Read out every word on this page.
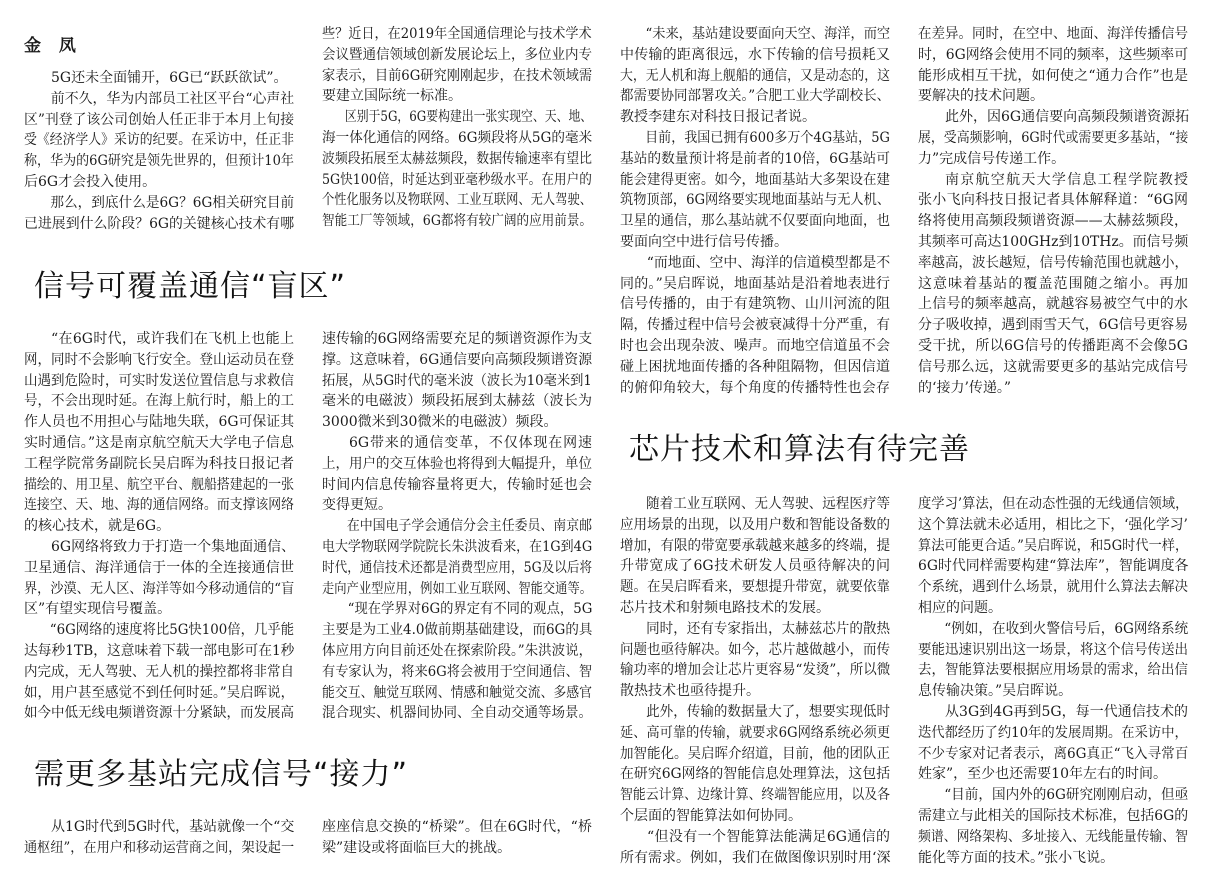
金 凤
信号可覆盖通信“盲区”
需更多基站完成信号“接力”
芯片技术和算法有待完善
5G还未全面铺开，6G已“跃跃欲试”。
前不久，华为内部员工社区平台“心声社
区”刊登了该公司创始人任正非于本月上旬接
受《经济学人》采访的纪要。在采访中，任正非
称，华为的6G研究是领先世界的，但预计10年
后6G才会投入使用。
那么，到底什么是6G？6G相关研究目前
已进展到什么阶段？6G的关键核心技术有哪
些？近日，在2019年全国通信理论与技术学术
会议暨通信领域创新发展论坛上，多位业内专
家表示，目前6G研究刚刚起步，在技术领域需
要建立国际统一标准。
区别于5G，6G要构建出一张实现空、天、地、
海一体化通信的网络。6G频段将从5G的毫米
波频段拓展至太赫兹频段，数据传输速率有望比
5G快100倍，时延达到亚毫秒级水平。在用户的
个性化服务以及物联网、工业互联网、无人驾驶、
智能工厂等领域，6G都将有较广阔的应用前景。
“在6G时代，或许我们在飞机上也能上
网，同时不会影响飞行安全。登山运动员在登
山遇到危险时，可实时发送位置信息与求救信
号，不会出现时延。在海上航行时，船上的工
作人员也不用担心与陆地失联，6G可保证其
实时通信。”这是南京航空航天大学电子信息
工程学院常务副院长吴启晖为科技日报记者
描绘的、用卫星、航空平台、舰船搭建起的一张
连接空、天、地、海的通信网络。而支撑该网络
的核心技术，就是6G。
6G网络将致力于打造一个集地面通信、
卫星通信、海洋通信于一体的全连接通信世
界，沙漠、无人区、海洋等如今移动通信的“盲
区”有望实现信号覆盖。
“6G网络的速度将比5G快100倍，几乎能
达每秒1TB，这意味着下载一部电影可在1秒
内完成，无人驾驶、无人机的操控都将非常自
如，用户甚至感觉不到任何时延。”吴启晖说，
如今中低无线电频谱资源十分紧缺，而发展高
速传输的6G网络需要充足的频谱资源作为支
撑。这意味着，6G通信要向高频段频谱资源
拓展，从5G时代的毫米波（波长为10毫米到1
毫米的电磁波）频段拓展到太赫兹（波长为
3000微米到30微米的电磁波）频段。
6G带来的通信变革，不仅体现在网速
上，用户的交互体验也将得到大幅提升，单位
时间内信息传输容量将更大，传输时延也会
变得更短。
在中国电子学会通信分会主任委员、南京邮
电大学物联网学院院长朱洪波看来，在1G到4G
时代，通信技术还都是消费型应用，5G及以后将
走向产业型应用，例如工业互联网、智能交通等。
“现在学界对6G的界定有不同的观点，5G
主要是为工业4.0做前期基础建设，而6G的具
体应用方向目前还处在探索阶段。”朱洪波说，
有专家认为，将来6G将会被用于空间通信、智
能交互、触觉互联网、情感和触觉交流、多感官
混合现实、机器间协同、全自动交通等场景。
从1G时代到5G时代，基站就像一个“交
通枢纽”，在用户和移动运营商之间，架设起一
座座信息交换的“桥梁”。但在6G时代，“桥
梁”建设或将面临巨大的挑战。
“未来，基站建设要面向天空、海洋，而空
中传输的距离很远，水下传输的信号损耗又
大，无人机和海上舰船的通信，又是动态的，这
都需要协同部署攻关。”合肥工业大学副校长、
教授李建东对科技日报记者说。
目前，我国已拥有600多万个4G基站，5G
基站的数量预计将是前者的10倍，6G基站可
能会建得更密。如今，地面基站大多架设在建
筑物顶部，6G网络要实现地面基站与无人机、
卫星的通信，那么基站就不仅要面向地面，也
要面向空中进行信号传播。
“而地面、空中、海洋的信道模型都是不
同的。”吴启晖说，地面基站是沿着地表进行
信号传播的，由于有建筑物、山川河流的阻
隔，传播过程中信号会被衰减得十分严重，有
时也会出现杂波、噪声。而地空信道虽不会
碰上困扰地面传播的各种阻隔物，但因信道
的俯仰角较大，每个角度的传播特性也会存
在差异。同时，在空中、地面、海洋传播信号
时，6G网络会使用不同的频率，这些频率可
能形成相互干扰，如何使之“通力合作”也是
要解决的技术问题。
此外，因6G通信要向高频段频谱资源拓
展，受高频影响，6G时代或需要更多基站，“接
力”完成信号传递工作。
南京航空航天大学信息工程学院教授
张小飞向科技日报记者具体解释道：“6G网
络将使用高频段频谱资源——太赫兹频段，
其频率可高达100GHz到10THz。而信号频
率越高，波长越短，信号传输范围也就越小，
这意味着基站的覆盖范围随之缩小。再加
上信号的频率越高，就越容易被空气中的水
分子吸收掉，遇到雨雪天气，6G信号更容易
受干扰，所以6G信号的传播距离不会像5G
信号那么远，这就需要更多的基站完成信号
的‘接力’传递。”
随着工业互联网、无人驾驶、远程医疗等
应用场景的出现，以及用户数和智能设备数的
增加，有限的带宽要承载越来越多的终端，提
升带宽成了6G技术研发人员亟待解决的问
题。在吴启晖看来，要想提升带宽，就要依靠
芯片技术和射频电路技术的发展。
同时，还有专家指出，太赫兹芯片的散热
问题也亟待解决。如今，芯片越做越小，而传
输功率的增加会让芯片更容易“发烫”，所以微
散热技术也亟待提升。
此外，传输的数据量大了，想要实现低时
延、高可靠的传输，就要求6G网络系统必须更
加智能化。吴启晖介绍道，目前，他的团队正
在研究6G网络的智能信息处理算法，这包括
智能云计算、边缘计算、终端智能应用，以及各
个层面的智能算法如何协同。
“但没有一个智能算法能满足6G通信的
所有需求。例如，我们在做图像识别时用‘深
度学习’算法，但在动态性强的无线通信领域，
这个算法就未必适用，相比之下，‘强化学习’
算法可能更合适。”吴启晖说，和5G时代一样，
6G时代同样需要构建“算法库”，智能调度各
个系统，遇到什么场景，就用什么算法去解决
相应的问题。
“例如，在收到火警信号后，6G网络系统
要能迅速识别出这一场景，将这个信号传送出
去，智能算法要根据应用场景的需求，给出信
息传输决策。”吴启晖说。
从3G到4G再到5G，每一代通信技术的
迭代都经历了约10年的发展周期。在采访中，
不少专家对记者表示，离6G真正“飞入寻常百
姓家”，至少也还需要10年左右的时间。
“目前，国内外的6G研究刚刚启动，但亟
需建立与此相关的国际技术标准，包括6G的
频谱、网络架构、多址接入、无线能量传输、智
能化等方面的技术。”张小飞说。
